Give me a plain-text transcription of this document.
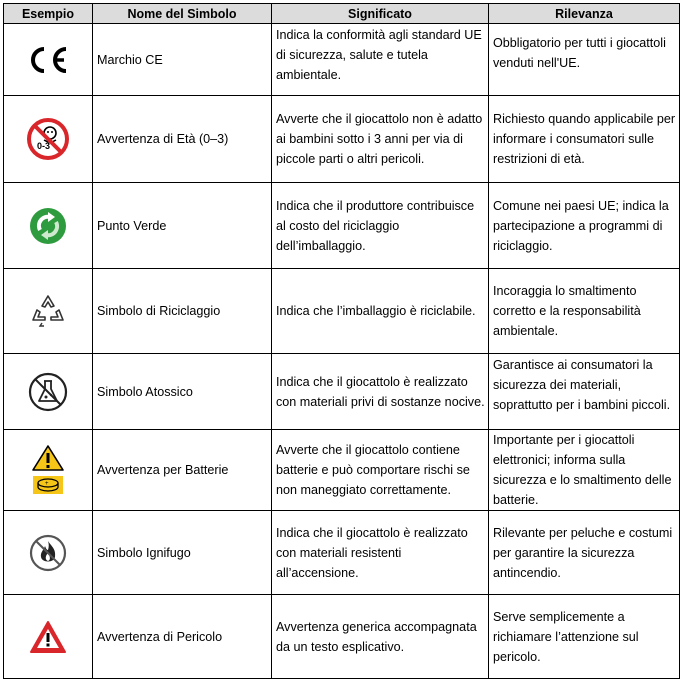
Esempio	Nome del Simbolo	Significato	Rilevanza

	Marchio CE	Indica la conformità agli standard UE di sicurezza, salute e tutela ambientale.	Obbligatorio per tutti i giocattoli venduti nell'UE.

0-3	Avvertenza di Età (0–3)	Avverte che il giocattolo non è adatto ai bambini sotto i 3 anni per via di piccole parti o altri pericoli.	Richiesto quando applicabile per informare i consumatori sulle restrizioni di età.

	Punto Verde	Indica che il produttore contribuisce al costo del riciclaggio dell’imballaggio.	Comune nei paesi UE; indica la partecipazione a programmi di riciclaggio.

	Simbolo di Riciclaggio	Indica che l’imballaggio è riciclabile.	Incoraggia lo smaltimento corretto e la responsabilità ambientale.

	Simbolo Atossico	Indica che il giocattolo è realizzato con materiali privi di sostanze nocive.	Garantisce ai consumatori la sicurezza dei materiali, soprattutto per i bambini piccoli.

+	Avvertenza per Batterie	Avverte che il giocattolo contiene batterie e può comportare rischi se non maneggiato correttamente.	Importante per i giocattoli elettronici; informa sulla sicurezza e lo smaltimento delle batterie.

	Simbolo Ignifugo	Indica che il giocattolo è realizzato con materiali resistenti all’accensione.	Rilevante per peluche e costumi per garantire la sicurezza antincendio.

	Avvertenza di Pericolo	Avvertenza generica accompagnata da un testo esplicativo.	Serve semplicemente a richiamare l’attenzione sul pericolo.
